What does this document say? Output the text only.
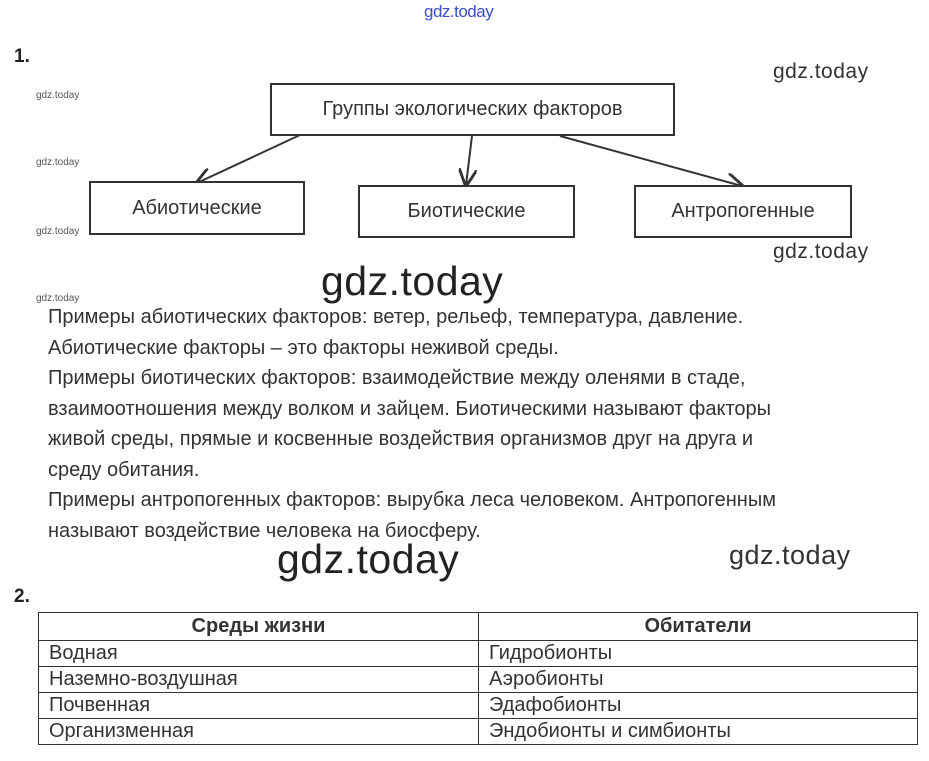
gdz.today
gdz.today
gdz.today
gdz.today
gdz.today
gdz.today
gdz.today
gdz.today
gdz.today
gdz.today
1.
Группы экологических факторов
Абиотические	Биотические	Антропогенные

Примеры абиотических факторов: ветер, рельеф, температура, давление.

Абиотические факторы – это факторы неживой среды.

Примеры биотических факторов: взаимодействие между оленями в стаде,

взаимоотношения между волком и зайцем. Биотическими называют факторы

живой среды, прямые и косвенные воздействия организмов друг на друга и

среду обитания.

Примеры антропогенных факторов: вырубка леса человеком. Антропогенным

называют воздействие человека на биосферу.

2.
Среды жизни	Обитатели
Водная	Гидробионты
Наземно-воздушная	Аэробионты
Почвенная	Эдафобионты
Организменная	Эндобионты и симбионты
